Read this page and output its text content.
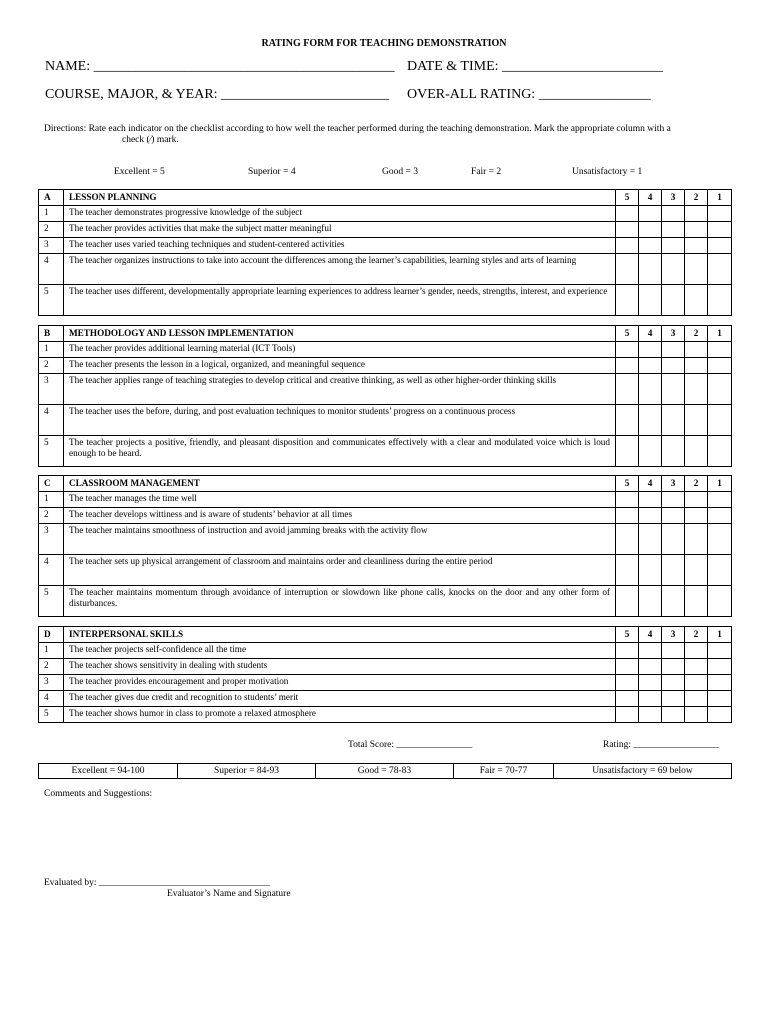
RATING FORM FOR TEACHING DEMONSTRATION
NAME: ___________________________________________ DATE & TIME: _______________________
COURSE, MAJOR, & YEAR: ________________________ OVER-ALL RATING: ________________
Directions: Rate each indicator on the checklist according to how well the teacher performed during the teaching demonstration. Mark the appropriate column with a
check (⁄) mark.
Excellent = 5	Superior = 4	Good = 3	Fair = 2	Unsatisfactory = 1
A	LESSON PLANNING	5	4	3	2	1
1	The teacher demonstrates progressive knowledge of the subject					
2	The teacher provides activities that make the subject matter meaningful					
3	The teacher uses varied teaching techniques and student-centered activities					
4	The teacher organizes instructions to take into account the differences among the learner’s capabilities, learning styles and arts of learning					
5	The teacher uses different, developmentally appropriate learning experiences to address learner’s gender, needs, strengths, interest, and experience					
B	METHODOLOGY AND LESSON IMPLEMENTATION	5	4	3	2	1
1	The teacher provides additional learning material (ICT Tools)					
2	The teacher presents the lesson in a logical, organized, and meaningful sequence					
3	The teacher applies range of teaching strategies to develop critical and creative thinking, as well as other higher-order thinking skills					
4	The teacher uses the before, during, and post evaluation techniques to monitor students’ progress on a continuous process					
5	The teacher projects a positive, friendly, and pleasant disposition and communicates effectively with a clear and modulated voice which is loud enough to be heard.					
C	CLASSROOM MANAGEMENT	5	4	3	2	1
1	The teacher manages the time well					
2	The teacher develops wittiness and is aware of students’ behavior at all times					
3	The teacher maintains smoothness of instruction and avoid jamming breaks with the activity flow					
4	The teacher sets up physical arrangement of classroom and maintains order and cleanliness during the entire period					
5	The teacher maintains momentum through avoidance of interruption or slowdown like phone calls, knocks on the door and any other form of disturbances.					
D	INTERPERSONAL SKILLS	5	4	3	2	1
1	The teacher projects self-confidence all the time					
2	The teacher shows sensitivity in dealing with students					
3	The teacher provides encouragement and proper motivation					
4	The teacher gives due credit and recognition to students’ merit					
5	The teacher shows humor in class to promote a relaxed atmosphere					
Total Score: ________________	Rating: __________________
Excellent = 94-100	Superior = 84-93	Good = 78-83	Fair = 70-77	Unsatisfactory = 69 below
Comments and Suggestions:
Evaluated by: ____________________________________
Evaluator’s Name and Signature
